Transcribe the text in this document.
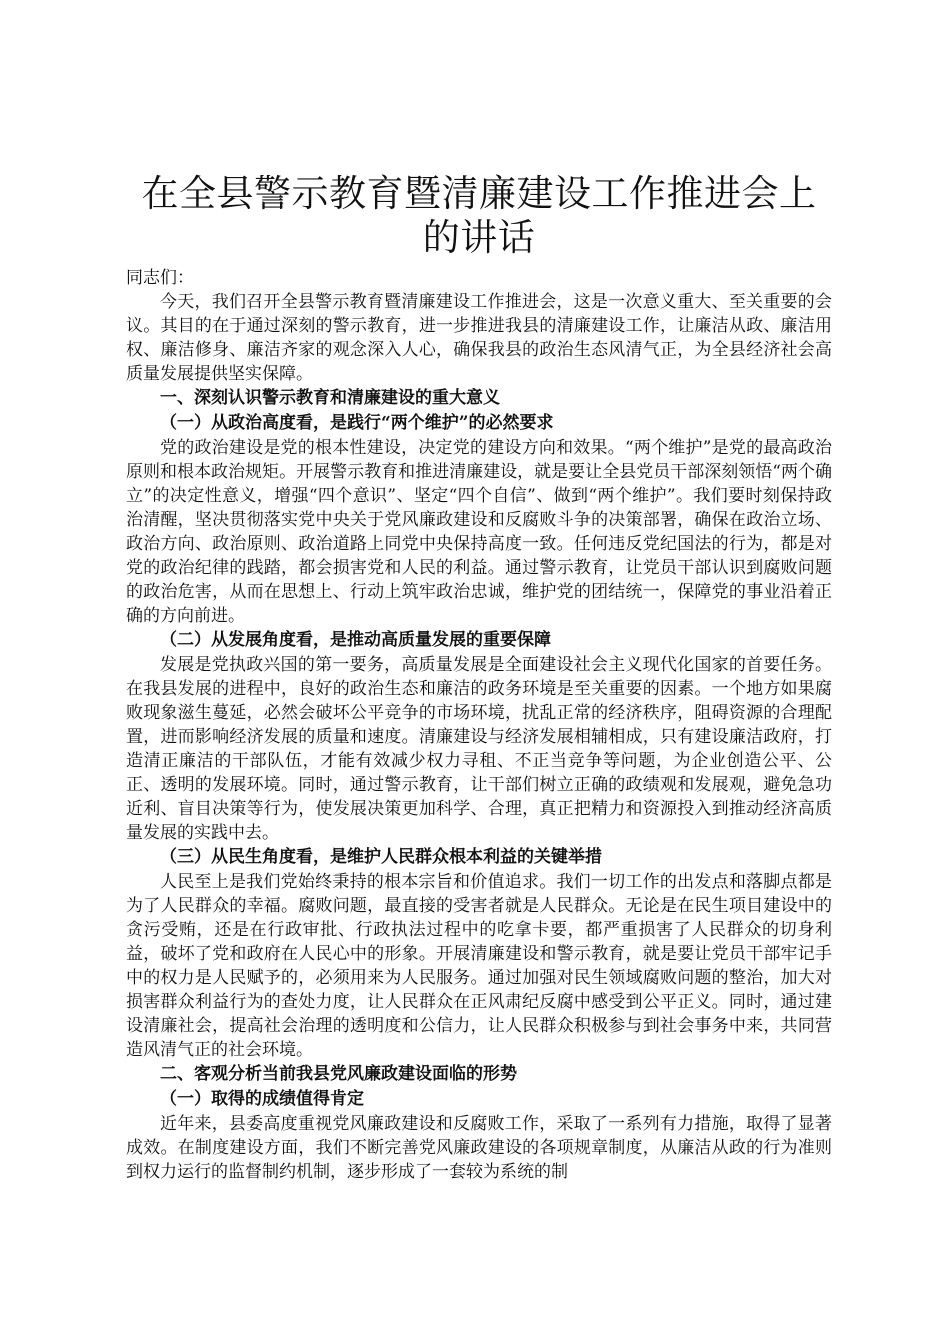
在全县警示教育暨清廉建设工作推进会上的讲话

同志们：

今天，我们召开全县警示教育暨清廉建设工作推进会，这是一次意义重大、至关重要的会议。其目的在于通过深刻的警示教育，进一步推进我县的清廉建设工作，让廉洁从政、廉洁用权、廉洁修身、廉洁齐家的观念深入人心，确保我县的政治生态风清气正，为全县经济社会高质量发展提供坚实保障。

一、深刻认识警示教育和清廉建设的重大意义

（一）从政治高度看，是践行“两个维护”的必然要求

党的政治建设是党的根本性建设，决定党的建设方向和效果。“两个维护”是党的最高政治原则和根本政治规矩。开展警示教育和推进清廉建设，就是要让全县党员干部深刻领悟“两个确立”的决定性意义，增强“四个意识”、坚定“四个自信”、做到“两个维护”。我们要时刻保持政治清醒，坚决贯彻落实党中央关于党风廉政建设和反腐败斗争的决策部署，确保在政治立场、政治方向、政治原则、政治道路上同党中央保持高度一致。任何违反党纪国法的行为，都是对党的政治纪律的践踏，都会损害党和人民的利益。通过警示教育，让党员干部认识到腐败问题的政治危害，从而在思想上、行动上筑牢政治忠诚，维护党的团结统一，保障党的事业沿着正确的方向前进。

（二）从发展角度看，是推动高质量发展的重要保障

发展是党执政兴国的第一要务，高质量发展是全面建设社会主义现代化国家的首要任务。在我县发展的进程中，良好的政治生态和廉洁的政务环境是至关重要的因素。一个地方如果腐败现象滋生蔓延，必然会破坏公平竞争的市场环境，扰乱正常的经济秩序，阻碍资源的合理配置，进而影响经济发展的质量和速度。清廉建设与经济发展相辅相成，只有建设廉洁政府，打造清正廉洁的干部队伍，才能有效减少权力寻租、不正当竞争等问题，为企业创造公平、公正、透明的发展环境。同时，通过警示教育，让干部们树立正确的政绩观和发展观，避免急功近利、盲目决策等行为，使发展决策更加科学、合理，真正把精力和资源投入到推动经济高质量发展的实践中去。

（三）从民生角度看，是维护人民群众根本利益的关键举措

人民至上是我们党始终秉持的根本宗旨和价值追求。我们一切工作的出发点和落脚点都是为了人民群众的幸福。腐败问题，最直接的受害者就是人民群众。无论是在民生项目建设中的贪污受贿，还是在行政审批、行政执法过程中的吃拿卡要，都严重损害了人民群众的切身利益，破坏了党和政府在人民心中的形象。开展清廉建设和警示教育，就是要让党员干部牢记手中的权力是人民赋予的，必须用来为人民服务。通过加强对民生领域腐败问题的整治，加大对损害群众利益行为的查处力度，让人民群众在正风肃纪反腐中感受到公平正义。同时，通过建设清廉社会，提高社会治理的透明度和公信力，让人民群众积极参与到社会事务中来，共同营造风清气正的社会环境。

二、客观分析当前我县党风廉政建设面临的形势

（一）取得的成绩值得肯定

近年来，县委高度重视党风廉政建设和反腐败工作，采取了一系列有力措施，取得了显著成效。在制度建设方面，我们不断完善党风廉政建设的各项规章制度，从廉洁从政的行为准则到权力运行的监督制约机制，逐步形成了一套较为系统的制
